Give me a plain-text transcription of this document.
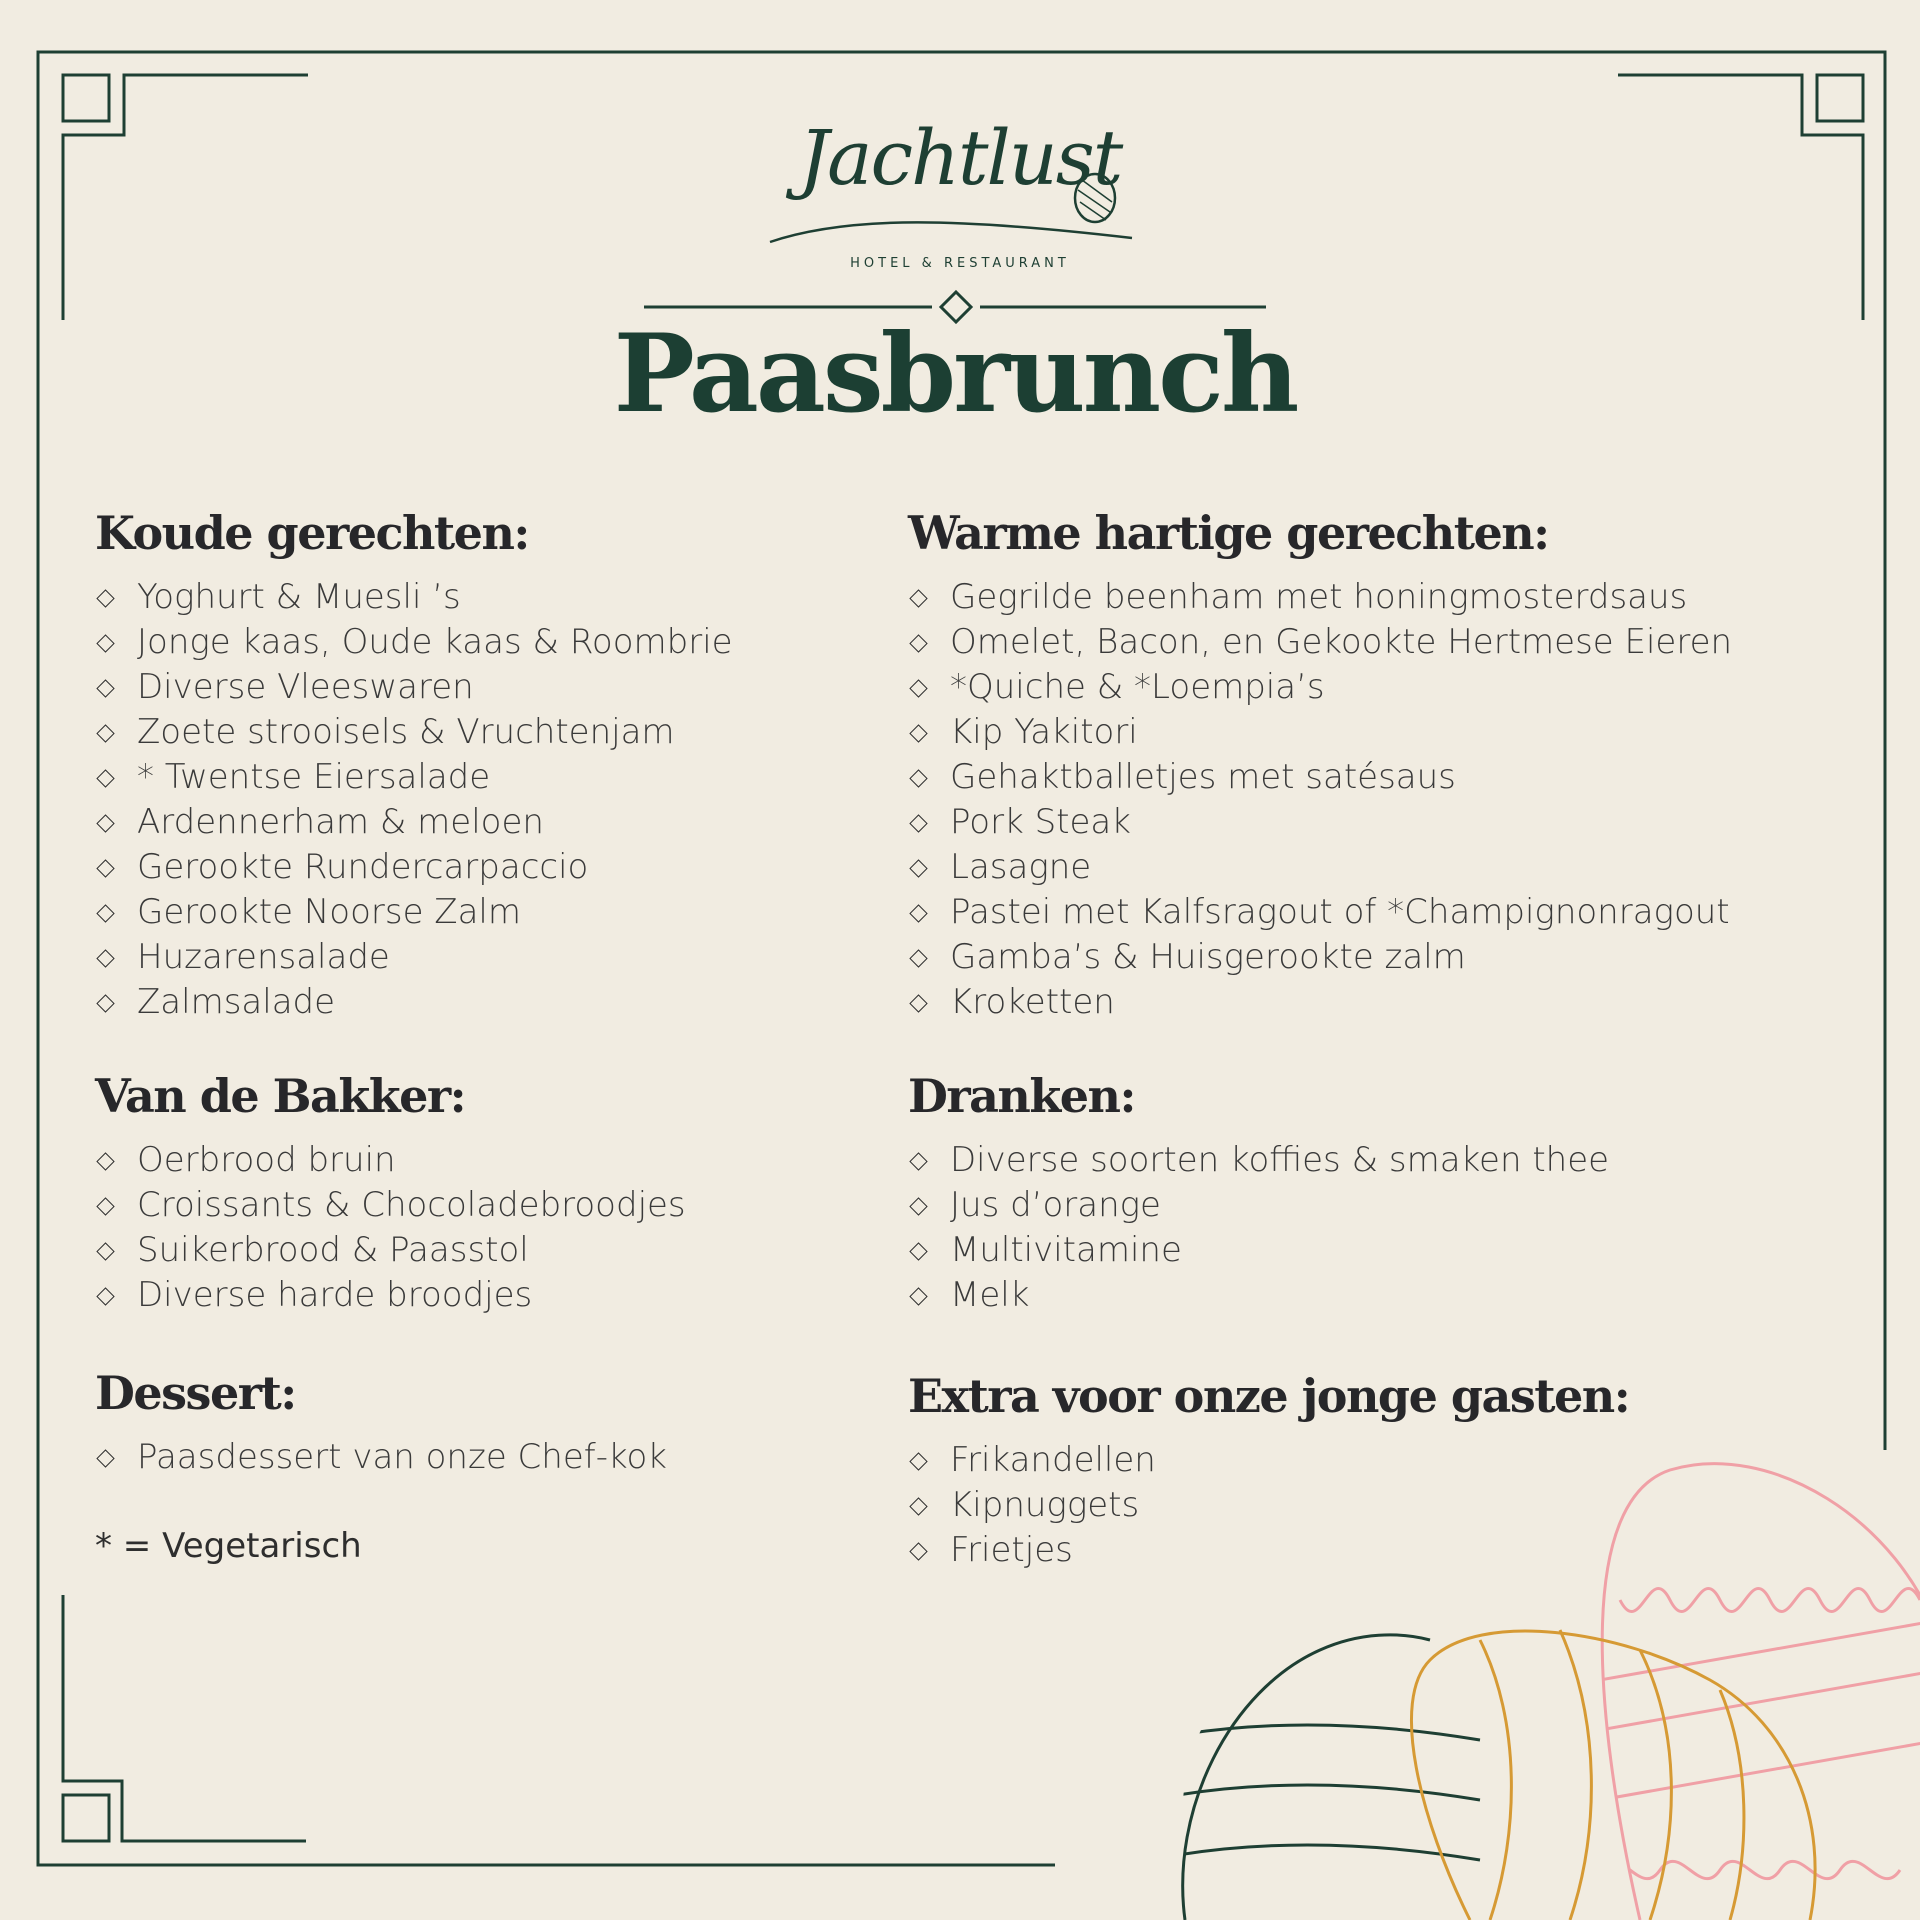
Jachtlust
HOTEL & RESTAURANT
Paasbrunch
Koude gerechten:
Yoghurt & Muesli ’s
Jonge kaas, Oude kaas & Roombrie
Diverse Vleeswaren
Zoete strooisels & Vruchtenjam
* Twentse Eiersalade
Ardennerham & meloen
Gerookte Rundercarpaccio
Gerookte Noorse Zalm
Huzarensalade
Zalmsalade
Warme hartige gerechten:
Gegrilde beenham met honingmosterdsaus
Omelet, Bacon, en Gekookte Hertmese Eieren
*Quiche & *Loempia’s
Kip Yakitori
Gehaktballetjes met satésaus
Pork Steak
Lasagne
Pastei met Kalfsragout of *Champignonragout
Gamba’s & Huisgerookte zalm
Kroketten
Van de Bakker:
Oerbrood bruin
Croissants & Chocoladebroodjes
Suikerbrood & Paasstol
Diverse harde broodjes
Dranken:
Diverse soorten koffies & smaken thee
Jus d’orange
Multivitamine
Melk
Dessert:
Paasdessert van onze Chef-kok
Extra voor onze jonge gasten:
Frikandellen
Kipnuggets
Frietjes
* = Vegetarisch
